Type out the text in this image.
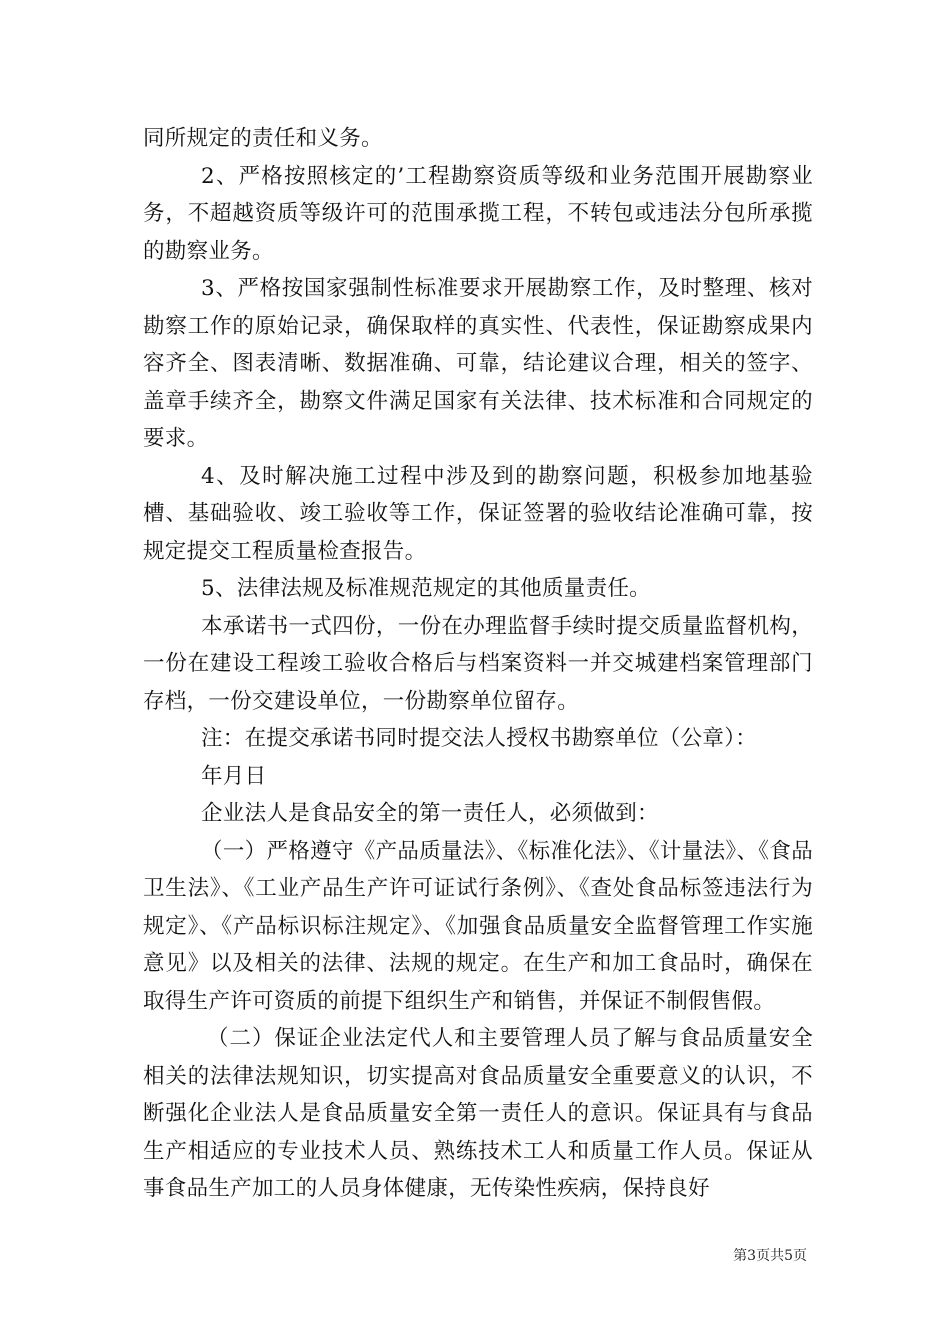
同所规定的责任和义务。

2、严格按照核定的’工程勘察资质等级和业务范围开展勘察业务，不超越资质等级许可的范围承揽工程，不转包或违法分包所承揽的勘察业务。

3、严格按国家强制性标准要求开展勘察工作，及时整理、核对勘察工作的原始记录，确保取样的真实性、代表性，保证勘察成果内容齐全、图表清晰、数据准确、可靠，结论建议合理，相关的签字、盖章手续齐全，勘察文件满足国家有关法律、技术标准和合同规定的要求。

4、及时解决施工过程中涉及到的勘察问题，积极参加地基验槽、基础验收、竣工验收等工作，保证签署的验收结论准确可靠，按规定提交工程质量检查报告。

5、法律法规及标准规范规定的其他质量责任。

本承诺书一式四份，一份在办理监督手续时提交质量监督机构，一份在建设工程竣工验收合格后与档案资料一并交城建档案管理部门存档，一份交建设单位，一份勘察单位留存。

注：在提交承诺书同时提交法人授权书勘察单位（公章）：

年月日

企业法人是食品安全的第一责任人，必须做到：

（一）严格遵守《产品质量法》、《标准化法》、《计量法》、《食品卫生法》、《工业产品生产许可证试行条例》、《查处食品标签违法行为规定》、《产品标识标注规定》、《加强食品质量安全监督管理工作实施意见》以及相关的法律、法规的规定。在生产和加工食品时，确保在取得生产许可资质的前提下组织生产和销售，并保证不制假售假。

（二）保证企业法定代人和主要管理人员了解与食品质量安全相关的法律法规知识，切实提高对食品质量安全重要意义的认识，不断强化企业法人是食品质量安全第一责任人的意识。保证具有与食品生产相适应的专业技术人员、熟练技术工人和质量工作人员。保证从事食品生产加工的人员身体健康，无传染性疾病，保持良好

第3页共5页
